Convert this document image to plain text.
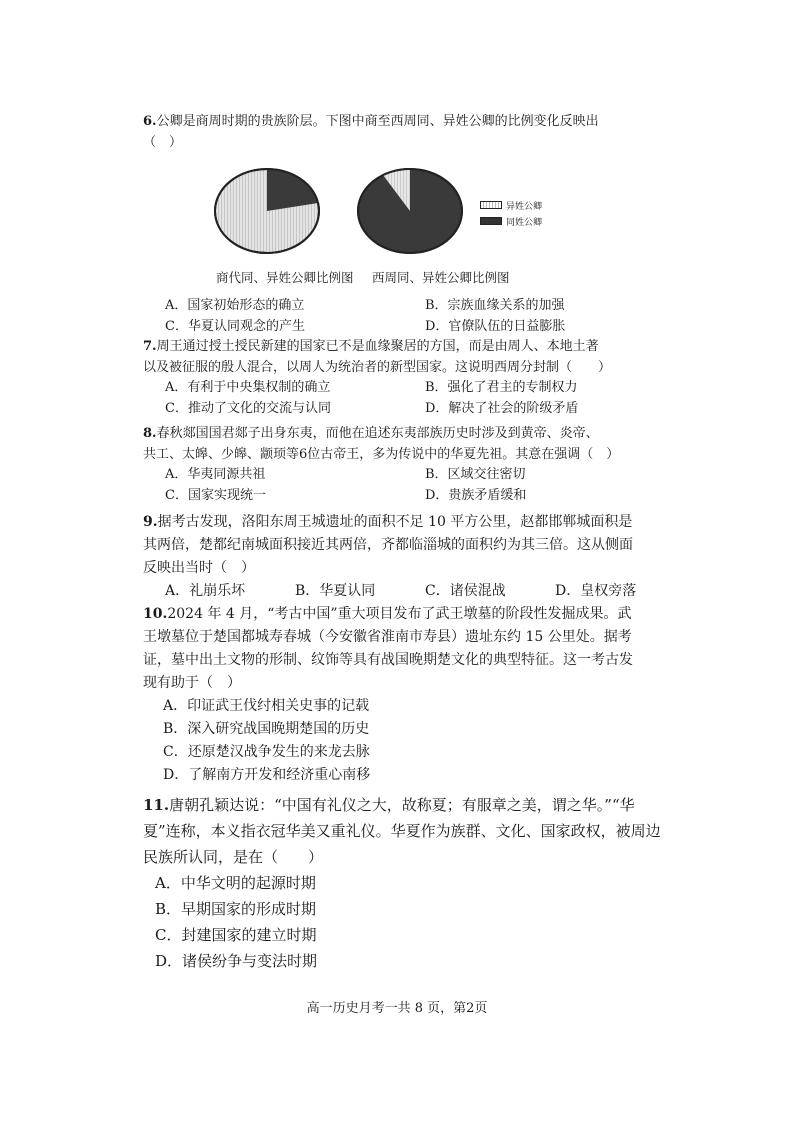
6.公卿是商周时期的贵族阶层。下图中商至西周同、异姓公卿的比例变化反映出
（　）
异姓公卿
同姓公卿
商代同、异姓公卿比例图 西周同、异姓公卿比例图
A．国家初始形态的确立	B．宗族血缘关系的加强
C．华夏认同观念的产生	D．官僚队伍的日益膨胀
7.周王通过授土授民新建的国家已不是血缘聚居的方国，而是由周人、本地土著
以及被征服的殷人混合，以周人为统治者的新型国家。这说明西周分封制（　　）
A．有利于中央集权制的确立	B．强化了君主的专制权力
C．推动了文化的交流与认同	D．解决了社会的阶级矛盾
8.春秋郯国国君郯子出身东夷，而他在追述东夷部族历史时涉及到黄帝、炎帝、
共工、太皞、少皞、颛顼等6位古帝王，多为传说中的华夏先祖。其意在强调（　）
A．华夷同源共祖	B．区域交往密切
C．国家实现统一	D．贵族矛盾缓和
9.据考古发现，洛阳东周王城遗址的面积不足 10 平方公里，赵都邯郸城面积是
其两倍，楚都纪南城面积接近其两倍，齐都临淄城的面积约为其三倍。这从侧面
反映出当时（　）
A．礼崩乐坏	B．华夏认同	C．诸侯混战	D．皇权旁落
10.2024 年 4 月，“考古中国”重大项目发布了武王墩墓的阶段性发掘成果。武
王墩墓位于楚国都城寿春城（今安徽省淮南市寿县）遗址东约 15 公里处。据考
证，墓中出土文物的形制、纹饰等具有战国晚期楚文化的典型特征。这一考古发
现有助于（　）
A．印证武王伐纣相关史事的记载
B．深入研究战国晚期楚国的历史
C．还原楚汉战争发生的来龙去脉
D．了解南方开发和经济重心南移
11.唐朝孔颖达说：“中国有礼仪之大，故称夏；有服章之美，谓之华。”“华
夏”连称，本义指衣冠华美又重礼仪。华夏作为族群、文化、国家政权，被周边
民族所认同，是在（　　）
A．中华文明的起源时期
B．早期国家的形成时期
C．封建国家的建立时期
D．诸侯纷争与变法时期
高一历史月考一共 8 页，第2页
